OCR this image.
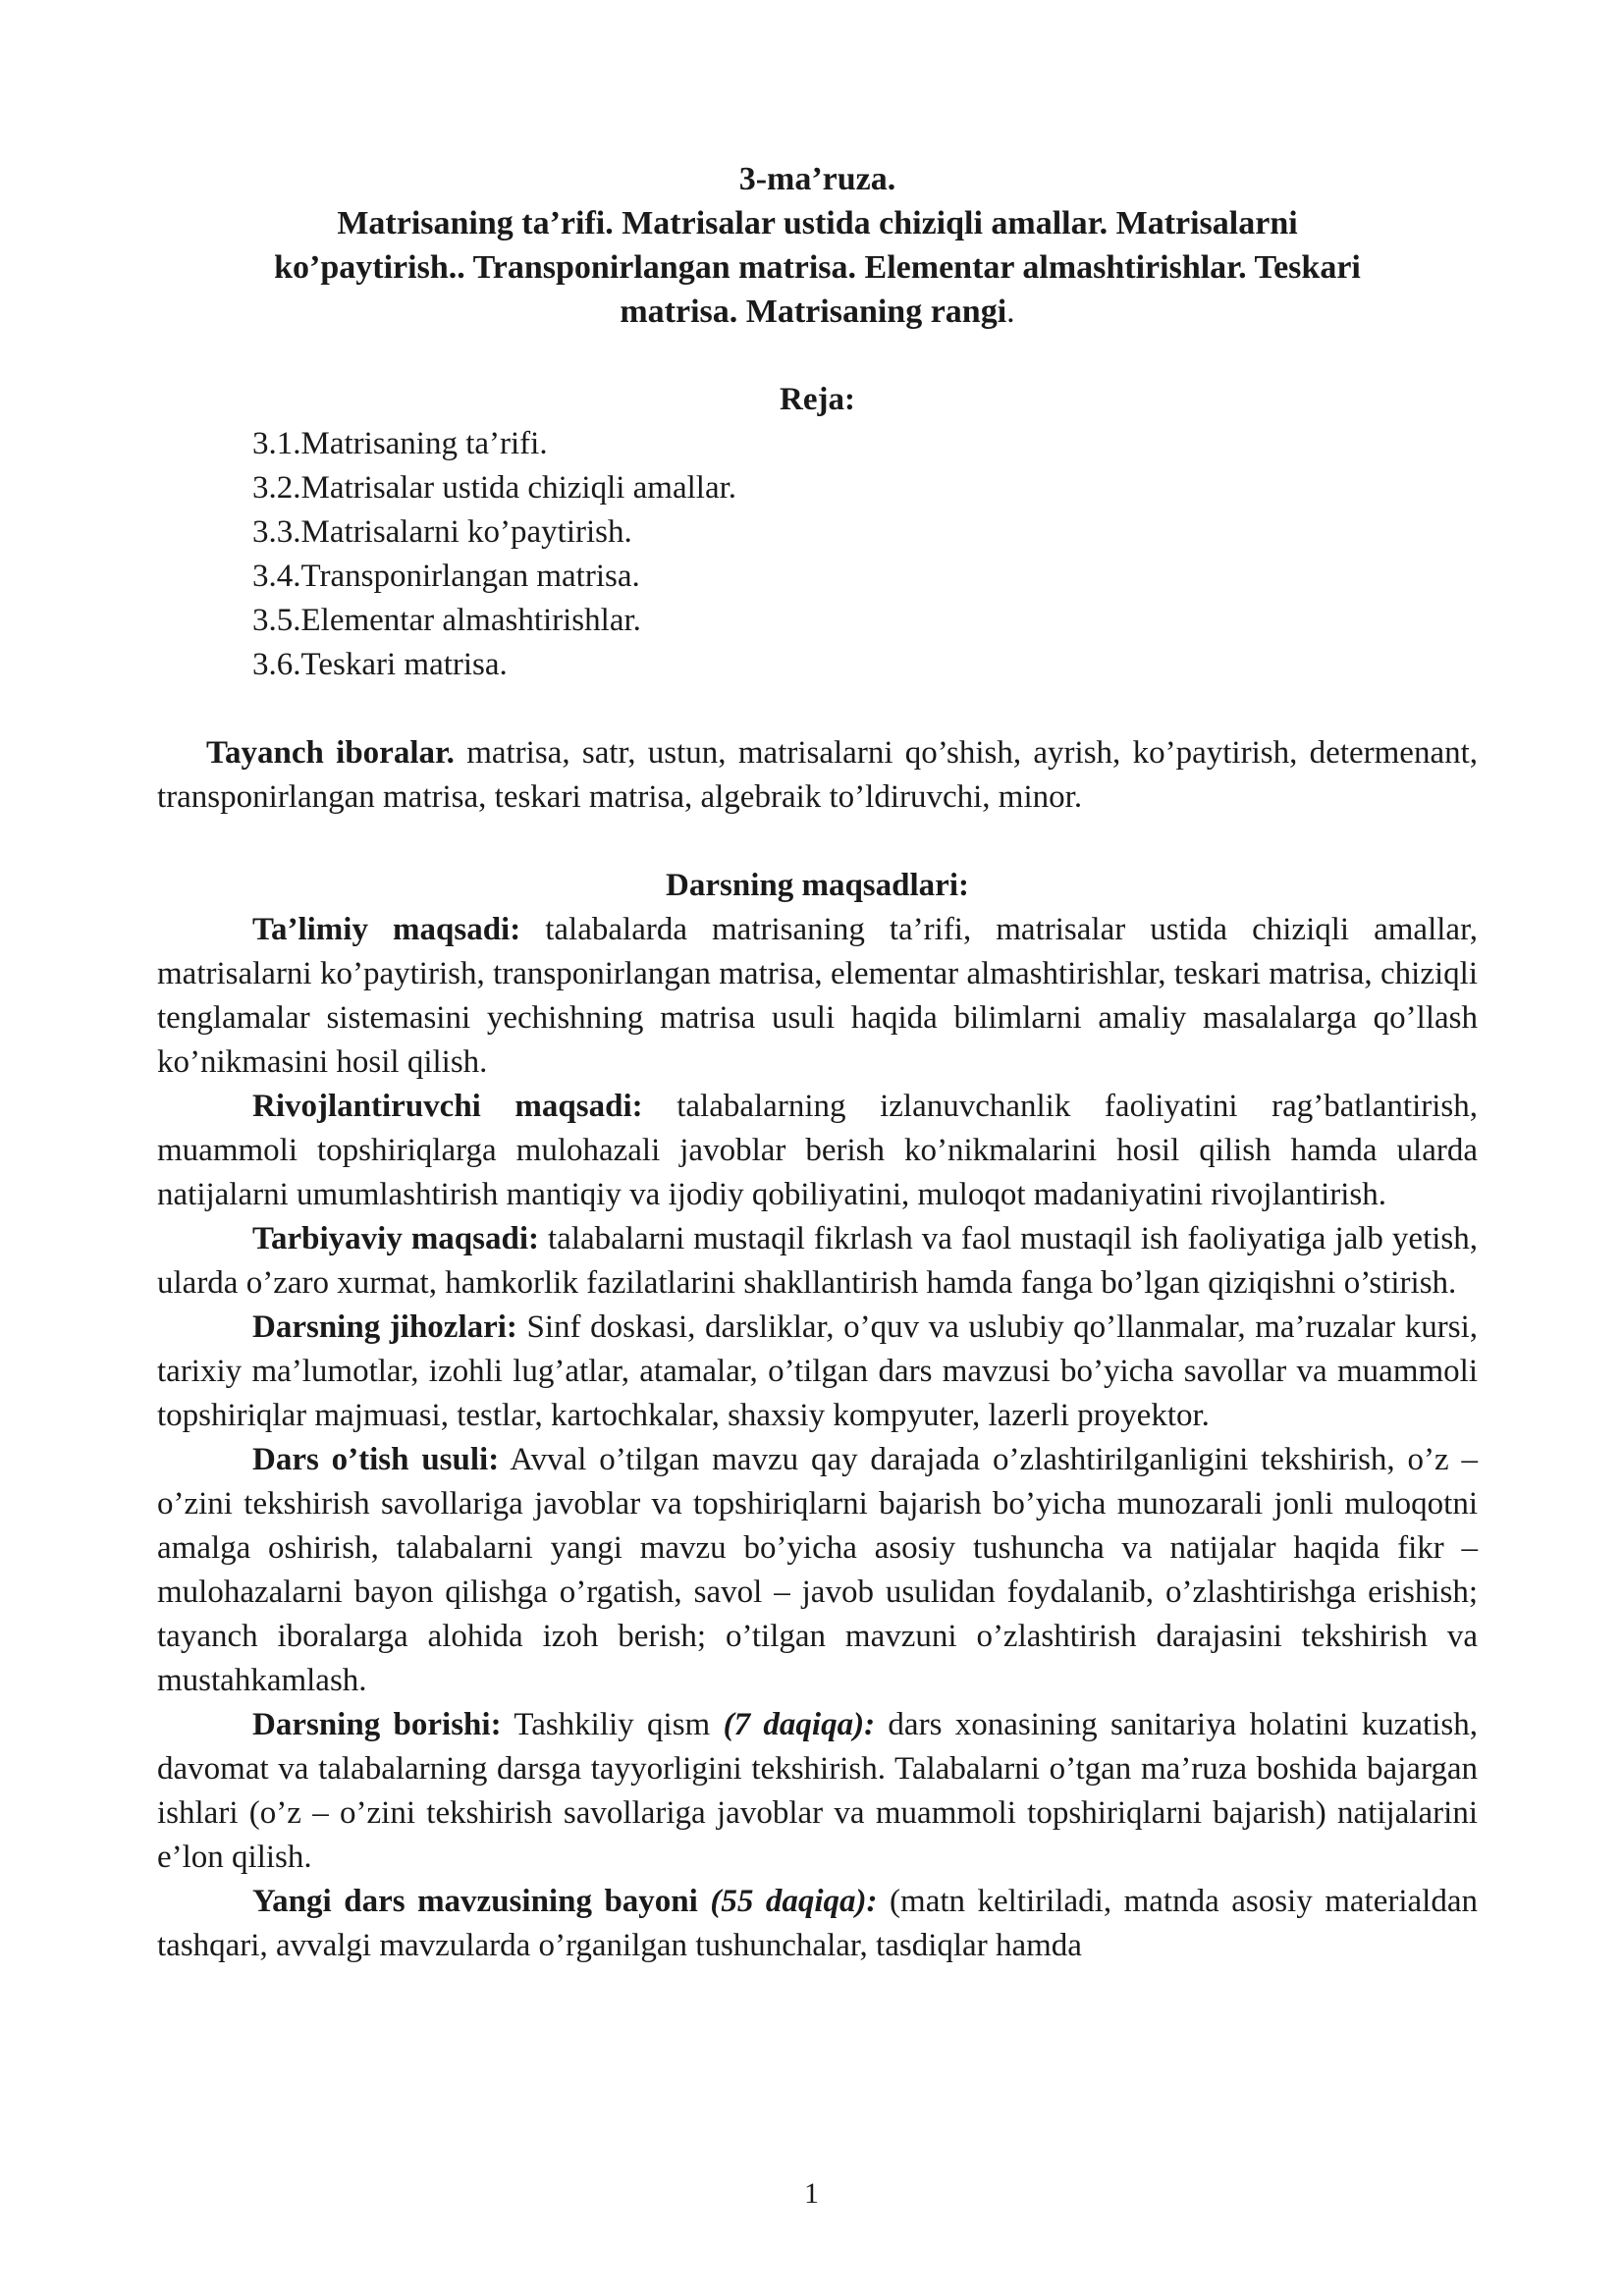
3-ma’ruza.
Matrisaning ta’rifi. Matrisalar ustida chiziqli amallar. Matrisalarni
ko’paytirish.. Transponirlangan matrisa. Elementar almashtirishlar. Teskari
matrisa. Matrisaning rangi.
Reja:
3.1.Matrisaning ta’rifi.
3.2.Matrisalar ustida chiziqli amallar.
3.3.Matrisalarni ko’paytirish.
3.4.Transponirlangan matrisa.
3.5.Elementar almashtirishlar.
3.6.Teskari matrisa.

Tayanch iboralar. matrisa, satr, ustun, matrisalarni qo’shish, ayrish, ko’paytirish, determenant, transponirlangan matrisa, teskari matrisa, algebraik to’ldiruvchi, minor.

Darsning maqsadlari:

Ta’limiy maqsadi: talabalarda matrisaning ta’rifi, matrisalar ustida chiziqli amallar, matrisalarni ko’paytirish, transponirlangan matrisa, elementar almashtirishlar, teskari matrisa, chiziqli tenglamalar sistemasini yechishning matrisa usuli haqida bilimlarni amaliy masalalarga qo’llash ko’nikmasini hosil qilish.

Rivojlantiruvchi maqsadi: talabalarning izlanuvchanlik faoliyatini rag’batlantirish, muammoli topshiriqlarga mulohazali javoblar berish ko’nikmalarini hosil qilish hamda ularda natijalarni umumlashtirish mantiqiy va ijodiy qobiliyatini, muloqot madaniyatini rivojlantirish.

Tarbiyaviy maqsadi: talabalarni mustaqil fikrlash va faol mustaqil ish faoliyatiga jalb yetish, ularda o’zaro xurmat, hamkorlik fazilatlarini shakllantirish hamda fanga bo’lgan qiziqishni o’stirish.

Darsning jihozlari: Sinf doskasi, darsliklar, o’quv va uslubiy qo’llanmalar, ma’ruzalar kursi, tarixiy ma’lumotlar, izohli lug’atlar, atamalar, o’tilgan dars mavzusi bo’yicha savollar va muammoli topshiriqlar majmuasi, testlar, kartochkalar, shaxsiy kompyuter, lazerli proyektor.

Dars o’tish usuli: Avval o’tilgan mavzu qay darajada o’zlashtirilganligini tekshirish, o’z – o’zini tekshirish savollariga javoblar va topshiriqlarni bajarish bo’yicha munozarali jonli muloqotni amalga oshirish, talabalarni yangi mavzu bo’yicha asosiy tushuncha va natijalar haqida fikr – mulohazalarni bayon qilishga o’rgatish, savol – javob usulidan foydalanib, o’zlashtirishga erishish; tayanch iboralarga alohida izoh berish; o’tilgan mavzuni o’zlashtirish darajasini tekshirish va mustahkamlash.

Darsning borishi: Tashkiliy qism (7 daqiqa): dars xonasining sanitariya holatini kuzatish, davomat va talabalarning darsga tayyorligini tekshirish. Talabalarni o’tgan ma’ruza boshida bajargan ishlari (o’z – o’zini tekshirish savollariga javoblar va muammoli topshiriqlarni bajarish) natijalarini e’lon qilish.

Yangi dars mavzusining bayoni (55 daqiqa): (matn keltiriladi, matnda asosiy materialdan tashqari, avvalgi mavzularda o’rganilgan tushunchalar, tasdiqlar hamda

1
